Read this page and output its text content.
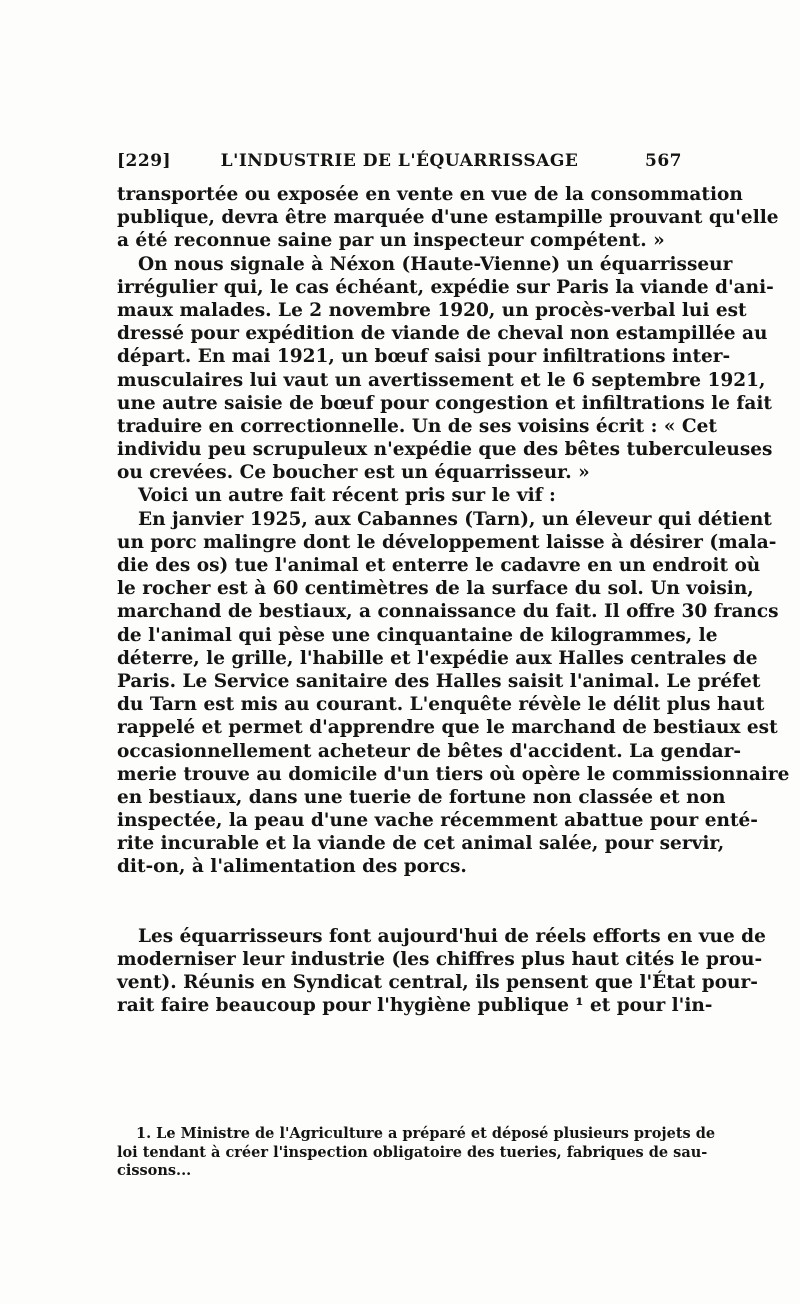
[229]	L'INDUSTRIE DE L'ÉQUARRISSAGE	567
transportée ou exposée en vente en vue de la consommation
publique, devra être marquée d'une estampille prouvant qu'elle
a été reconnue saine par un inspecteur compétent. »
On nous signale à Néxon (Haute-Vienne) un équarrisseur
irrégulier qui, le cas échéant, expédie sur Paris la viande d'ani-
maux malades. Le 2 novembre 1920, un procès-verbal lui est
dressé pour expédition de viande de cheval non estampillée au
départ. En mai 1921, un bœuf saisi pour infiltrations inter-
musculaires lui vaut un avertissement et le 6 septembre 1921,
une autre saisie de bœuf pour congestion et infiltrations le fait
traduire en correctionnelle. Un de ses voisins écrit : « Cet
individu peu scrupuleux n'expédie que des bêtes tuberculeuses
ou crevées. Ce boucher est un équarrisseur. »
Voici un autre fait récent pris sur le vif :
En janvier 1925, aux Cabannes (Tarn), un éleveur qui détient
un porc malingre dont le développement laisse à désirer (mala-
die des os) tue l'animal et enterre le cadavre en un endroit où
le rocher est à 60 centimètres de la surface du sol. Un voisin,
marchand de bestiaux, a connaissance du fait. Il offre 30 francs
de l'animal qui pèse une cinquantaine de kilogrammes, le
déterre, le grille, l'habille et l'expédie aux Halles centrales de
Paris. Le Service sanitaire des Halles saisit l'animal. Le préfet
du Tarn est mis au courant. L'enquête révèle le délit plus haut
rappelé et permet d'apprendre que le marchand de bestiaux est
occasionnellement acheteur de bêtes d'accident. La gendar-
merie trouve au domicile d'un tiers où opère le commissionnaire
en bestiaux, dans une tuerie de fortune non classée et non
inspectée, la peau d'une vache récemment abattue pour enté-
rite incurable et la viande de cet animal salée, pour servir,
dit-on, à l'alimentation des porcs.
Les équarrisseurs font aujourd'hui de réels efforts en vue de
moderniser leur industrie (les chiffres plus haut cités le prou-
vent). Réunis en Syndicat central, ils pensent que l'État pour-
rait faire beaucoup pour l'hygiène publique ¹ et pour l'in-
1. Le Ministre de l'Agriculture a préparé et déposé plusieurs projets de
loi tendant à créer l'inspection obligatoire des tueries, fabriques de sau-
cissons...
